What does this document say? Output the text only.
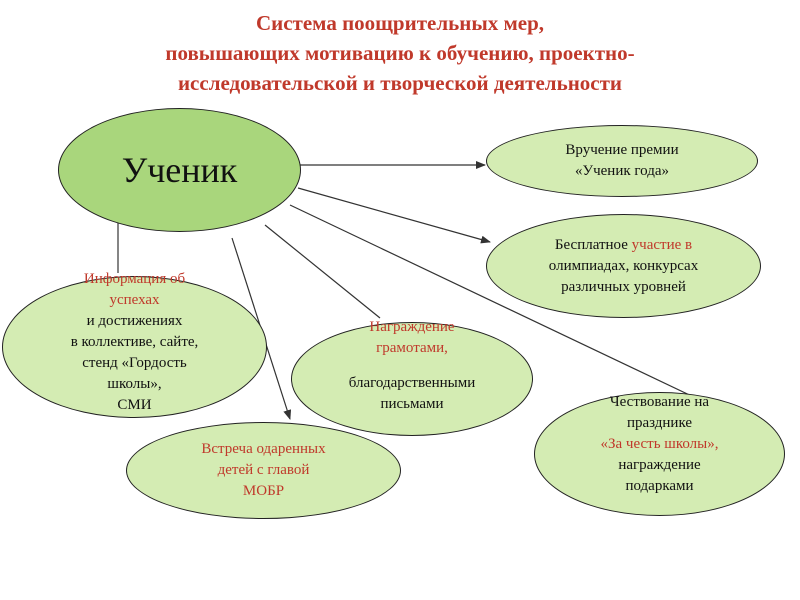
Система поощрительных мер,
повышающих мотивацию к обучению, проектно-
исследовательской и творческой деятельности
Ученик	Вручение премии
«Ученик года»
Бесплатное участие в
олимпиадах, конкурсах
различных уровней
Информация об
успехах
и достижениях
в коллективе, сайте,
стенд «Гордость
школы»,
СМИ
Награждение
грамотами,
благодарственными
письмами	Чествование на
празднике
«За честь школы»,
награждение
подарками
Встреча одаренных
детей с главой
МОБР
